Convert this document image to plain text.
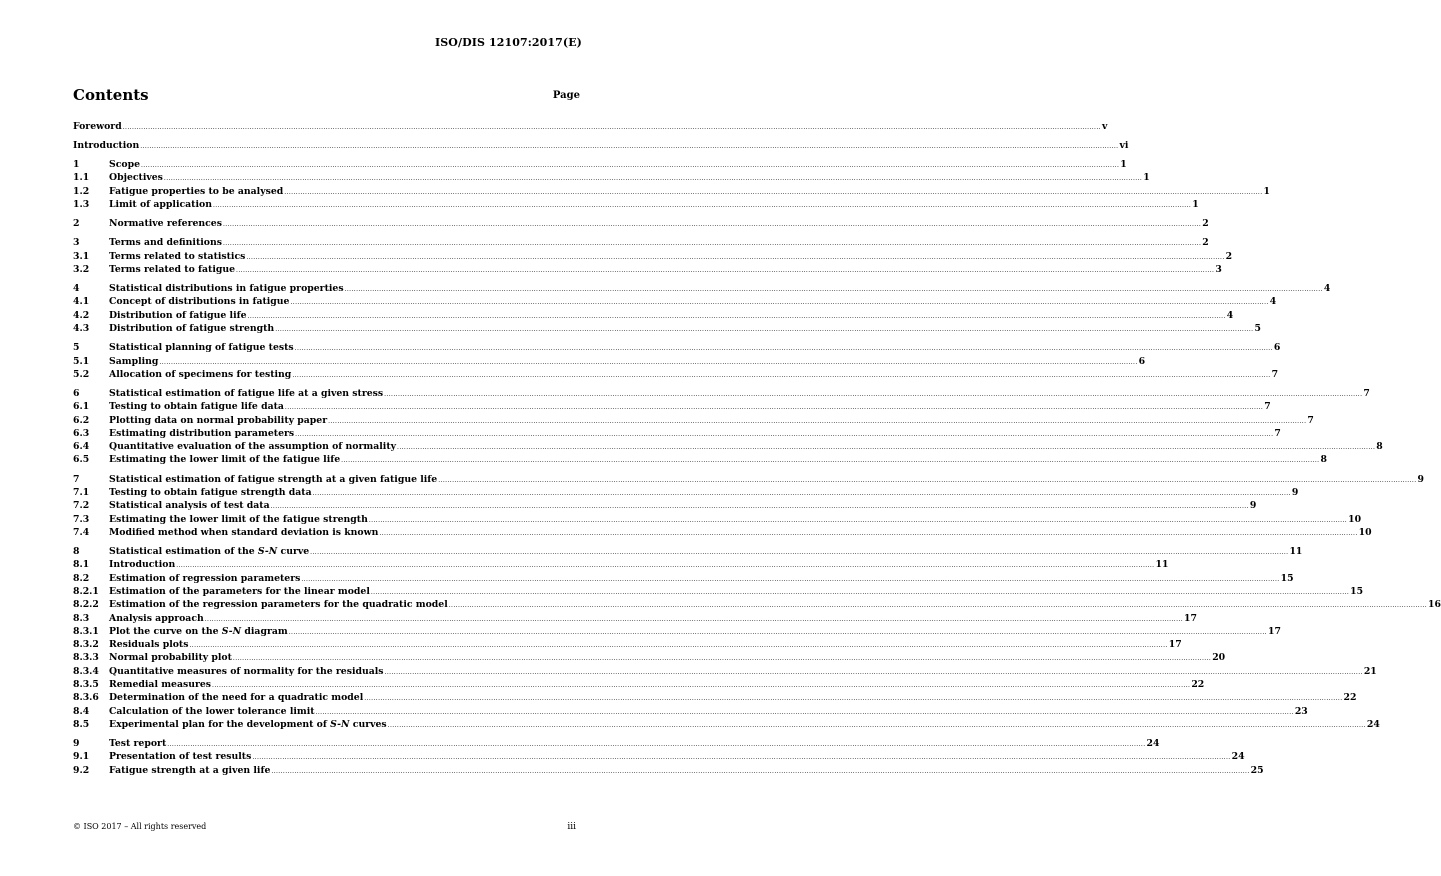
ISO/DIS 12107:2017(E)
Contents	Page
Foreword .....	v
Introduction .....	vi
1	Scope .....	1
1.1	Objectives .....	1
1.2	Fatigue properties to be analysed .....	1
1.3	Limit of application .....	1
2	Normative references .....	2
3	Terms and definitions .....	2
3.1	Terms related to statistics .....	2
3.2	Terms related to fatigue .....	3
4	Statistical distributions in fatigue properties .....	4
4.1	Concept of distributions in fatigue .....	4
4.2	Distribution of fatigue life .....	4
4.3	Distribution of fatigue strength .....	5
5	Statistical planning of fatigue tests .....	6
5.1	Sampling .....	6
5.2	Allocation of specimens for testing .....	7
6	Statistical estimation of fatigue life at a given stress .....	7
6.1	Testing to obtain fatigue life data .....	7
6.2	Plotting data on normal probability paper .....	7
6.3	Estimating distribution parameters .....	7
6.4	Quantitative evaluation of the assumption of normality .....	8
6.5	Estimating the lower limit of the fatigue life .....	8
7	Statistical estimation of fatigue strength at a given fatigue life .....	9
7.1	Testing to obtain fatigue strength data .....	9
7.2	Statistical analysis of test data .....	9
7.3	Estimating the lower limit of the fatigue strength .....	10
7.4	Modified method when standard deviation is known .....	10
8	Statistical estimation of the S-N curve .....	11
8.1	Introduction .....	11
8.2	Estimation of regression parameters .....	15
8.2.1	Estimation of the parameters for the linear model .....	15
8.2.2	Estimation of the regression parameters for the quadratic model .....	16
8.3	Analysis approach .....	17
8.3.1	Plot the curve on the S-N diagram .....	17
8.3.2	Residuals plots .....	17
8.3.3	Normal probability plot .....	20
8.3.4	Quantitative measures of normality for the residuals .....	21
8.3.5	Remedial measures .....	22
8.3.6	Determination of the need for a quadratic model .....	22
8.4	Calculation of the lower tolerance limit .....	23
8.5	Experimental plan for the development of S-N curves .....	24
9	Test report .....	24
9.1	Presentation of test results .....	24
9.2	Fatigue strength at a given life .....	25
© ISO 2017 – All rights reserved	iii
